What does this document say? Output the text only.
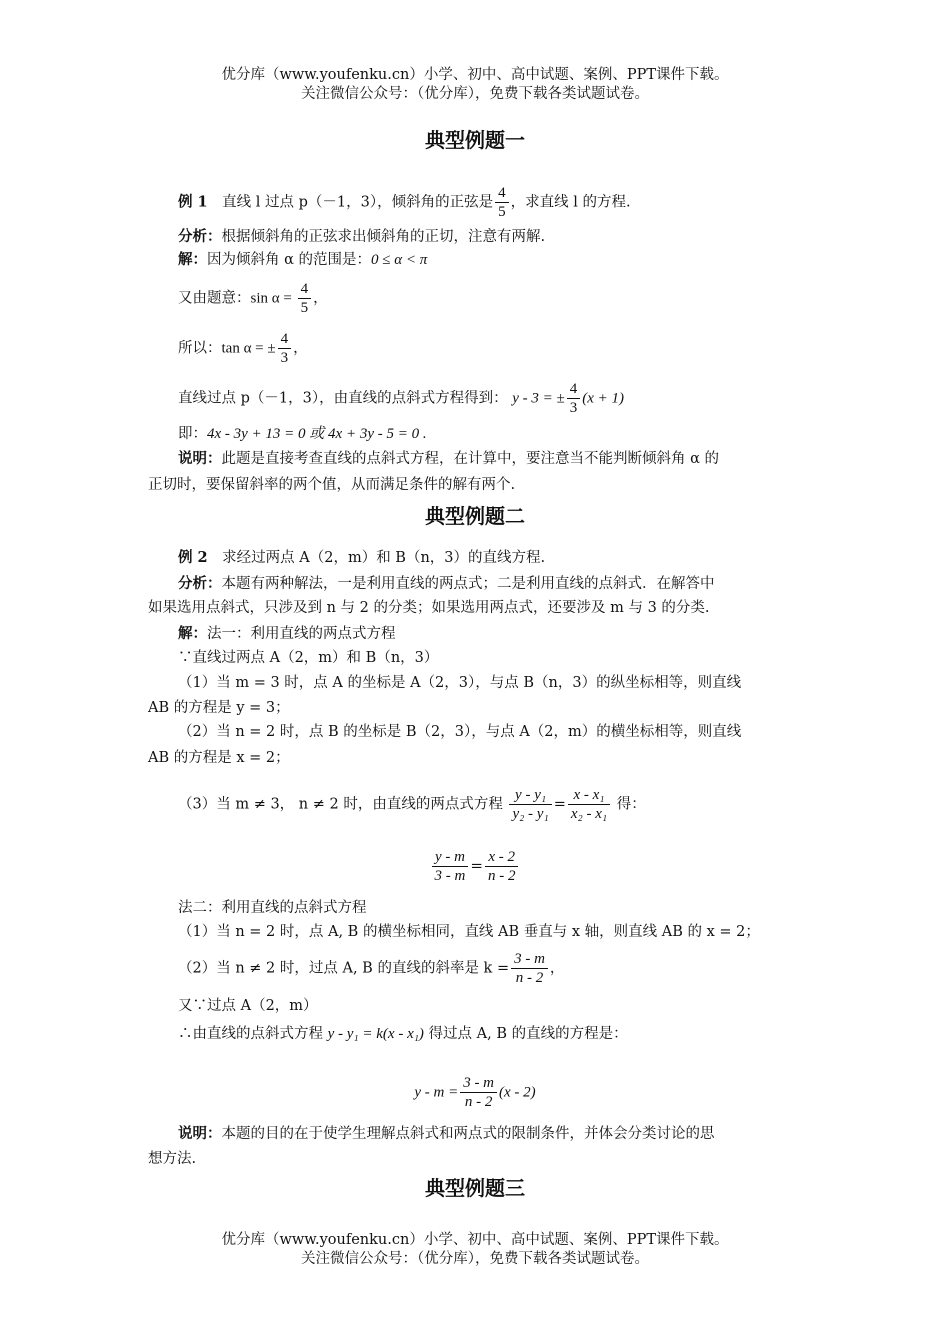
优分库（www.youfenku.cn）小学、初中、高中试题、案例、PPT课件下载。
关注微信公众号：（优分库），免费下载各类试题试卷。
典型例题一
例 1　直线 l 过点 p（－1，3），倾斜角的正弦是 $\frac{4}{5}$ ，求直线 l 的方程.
分析：根据倾斜角的正弦求出倾斜角的正切，注意有两解.
解：因为倾斜角 α 的范围是：0 ≤ α < π
又由题意：$\sin \alpha = \frac{4}{5}$ ，
所以：tan α = ± $\frac{4}{3}$ ，
直线过点 p（－1，3），由直线的点斜式方程得到： y - 3 = ± $\frac{4}{3} (x + 1)$
即：4x - 3y + 13 = 0 或 4x + 3y - 5 = 0 .
说明：此题是直接考查直线的点斜式方程，在计算中，要注意当不能判断倾斜角 α 的
正切时，要保留斜率的两个值，从而满足条件的解有两个.
典型例题二
例 2　求经过两点 A（2，m）和 B（n，3）的直线方程.
分析：本题有两种解法，一是利用直线的两点式；二是利用直线的点斜式．在解答中
如果选用点斜式，只涉及到 n 与 2 的分类；如果选用两点式，还要涉及 m 与 3 的分类.
解：法一：利用直线的两点式方程
∵直线过两点 A（2，m）和 B（n，3）
（1）当 m = 3 时，点 A 的坐标是 A（2，3），与点 B（n，3）的纵坐标相等，则直线
AB 的方程是 y = 3；
（2）当 n = 2 时，点 B 的坐标是 B（2，3），与点 A（2，m）的横坐标相等，则直线
AB 的方程是 x = 2；
（3）当 m ≠ 3， n ≠ 2 时，由直线的两点式方程 $\frac{\text{y - y₁}}{\text{y₂ - y₁}} = \frac{\text{x - x₁}}{\text{x₂ - x₁}}$ 得：
$\frac{y - m}{3 - m} = \frac{x - 2}{n - 2}$
法二：利用直线的点斜式方程
（1）当 n = 2 时，点 A, B 的横坐标相同，直线 AB 垂直与 x 轴，则直线 AB 的 x = 2；
（2）当 n ≠ 2 时，过点 A, B 的直线的斜率是 $k = \frac{3 - m}{n - 2}$ ，
又∵过点 A（2，m）
∴由直线的点斜式方程 y - y₁ = k(x - x₁) 得过点 A, B 的直线的方程是：
$y - m = \frac{3 - m}{n - 2} (x - 2)$
说明：本题的目的在于使学生理解点斜式和两点式的限制条件，并体会分类讨论的思
想方法.
典型例题三
优分库（www.youfenku.cn）小学、初中、高中试题、案例、PPT课件下载。
关注微信公众号：（优分库），免费下载各类试题试卷。
